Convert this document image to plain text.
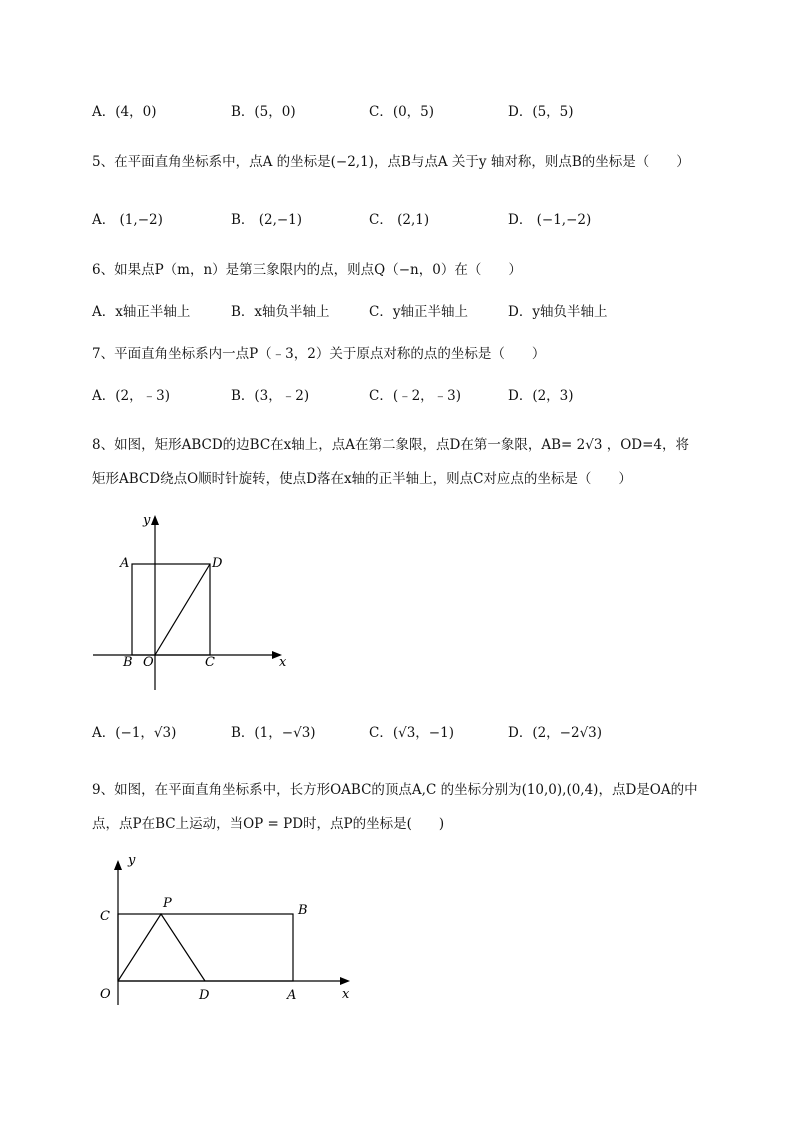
A．(4，0)	B．(5，0)	C．(0，5)	D．(5，5)
5、在平面直角坐标系中，点A 的坐标是(−2,1)，点B与点A 关于y 轴对称，则点B的坐标是（　　）
A． (1,−2)	B． (2,−1)	C． (2,1)	D． (−1,−2)
6、如果点P（m，n）是第三象限内的点，则点Q（−n，0）在（　　）
A．x轴正半轴上	B．x轴负半轴上	C．y轴正半轴上	D．y轴负半轴上
7、平面直角坐标系内一点P（﹣3，2）关于原点对称的点的坐标是（　　）
A．(2，﹣3)	B．(3，﹣2)	C．(﹣2，﹣3)	D．(2，3)
8、如图，矩形ABCD的边BC在x轴上，点A在第二象限，点D在第一象限，AB= 2√3 ，OD=4，将
矩形ABCD绕点O顺时针旋转，使点D落在x轴的正半轴上，则点C对应点的坐标是（　　）
y
x
A	D
B O	C
A．(−1，√3)	B．(1，−√3)	C．(√3，−1)	D．(2，−2√3)
9、如图，在平面直角坐标系中，长方形OABC的顶点A,C 的坐标分别为(10,0),(0,4)，点D是OA的中
点，点P在BC上运动，当OP = PD时，点P的坐标是(　　)
y
x
C
P	B
O	D	A
